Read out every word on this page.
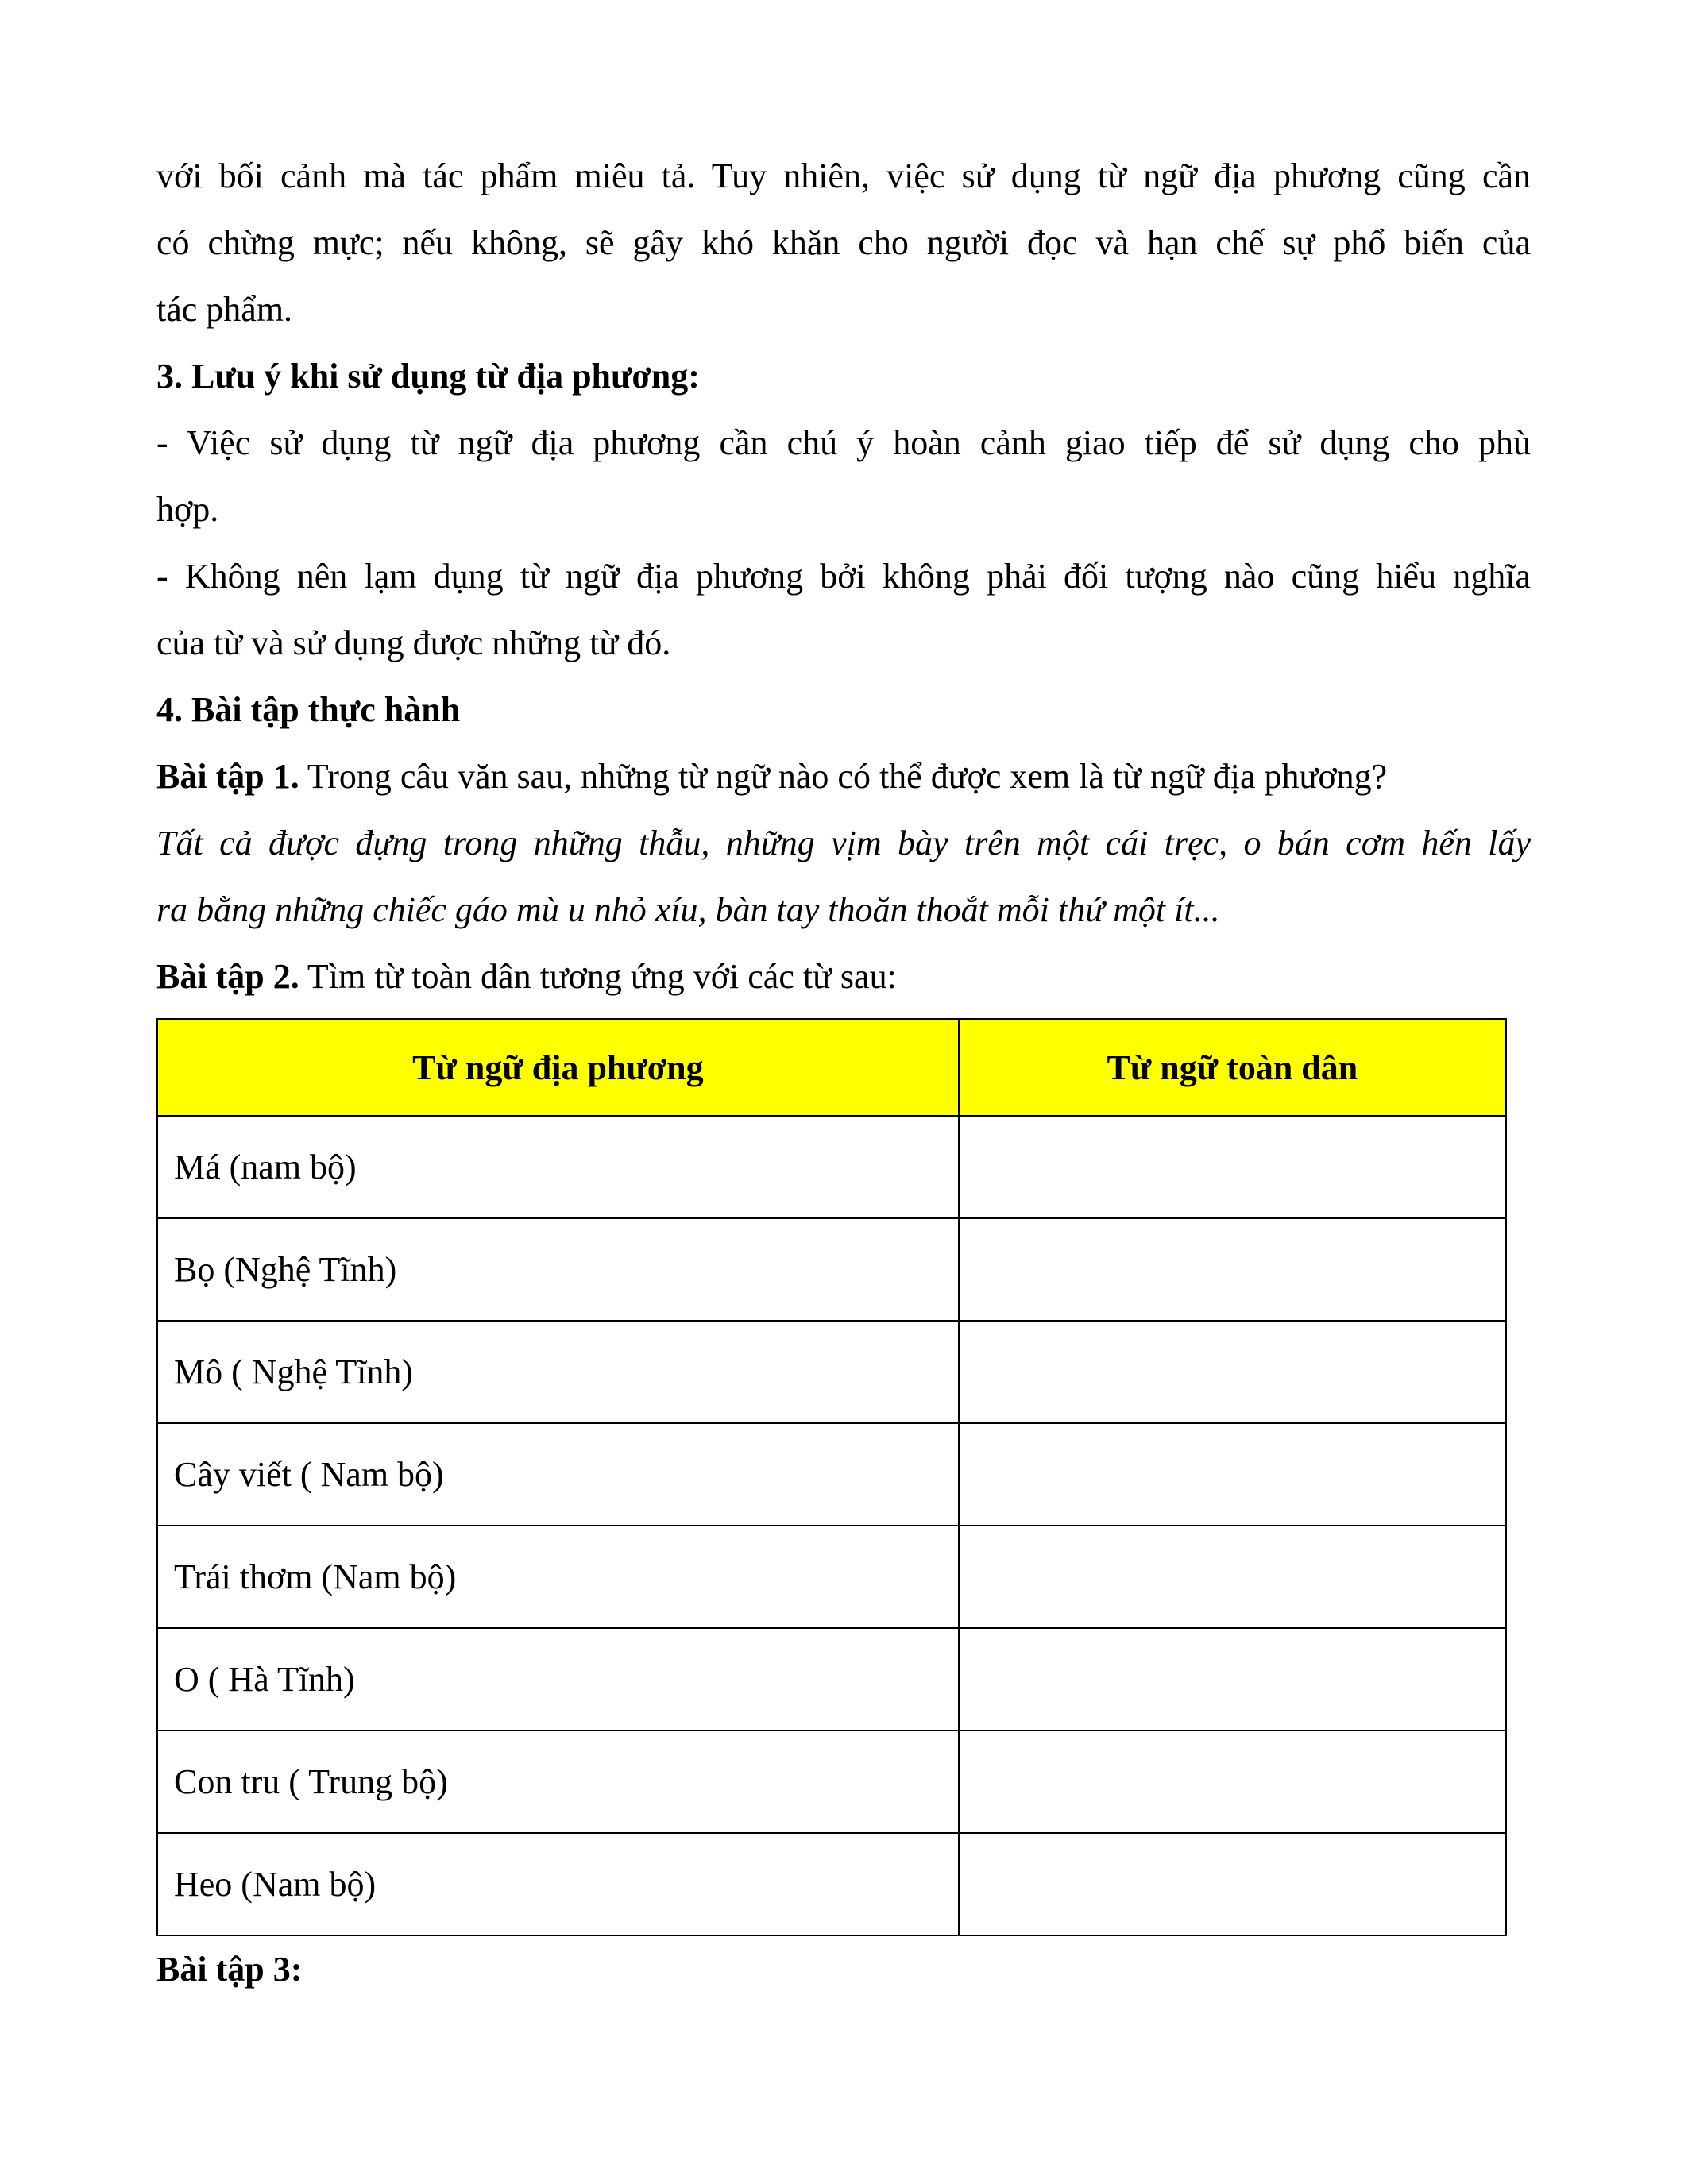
với bối cảnh mà tác phẩm miêu tả. Tuy nhiên, việc sử dụng từ ngữ địa phương cũng cần

có chừng mực; nếu không, sẽ gây khó khăn cho người đọc và hạn chế sự phổ biến của

tác phẩm.

3. Lưu ý khi sử dụng từ địa phương:

- Việc sử dụng từ ngữ địa phương cần chú ý hoàn cảnh giao tiếp để sử dụng cho phù

hợp.

- Không nên lạm dụng từ ngữ địa phương bởi không phải đối tượng nào cũng hiểu nghĩa

của từ và sử dụng được những từ đó.

4. Bài tập thực hành

Bài tập 1. Trong câu văn sau, những từ ngữ nào có thể được xem là từ ngữ địa phương?

Tất cả được đựng trong những thẫu, những vịm bày trên một cái trẹc, o bán cơm hến lấy

ra bằng những chiếc gáo mù u nhỏ xíu, bàn tay thoăn thoắt mỗi thứ một ít...

Bài tập 2. Tìm từ toàn dân tương ứng với các từ sau:

Từ ngữ địa phương	Từ ngữ toàn dân
Má (nam bộ)	
Bọ (Nghệ Tĩnh)	
Mô ( Nghệ Tĩnh)	
Cây viết ( Nam bộ)	
Trái thơm (Nam bộ)	
O ( Hà Tĩnh)	
Con tru ( Trung bộ)	
Heo (Nam bộ)	

Bài tập 3:
